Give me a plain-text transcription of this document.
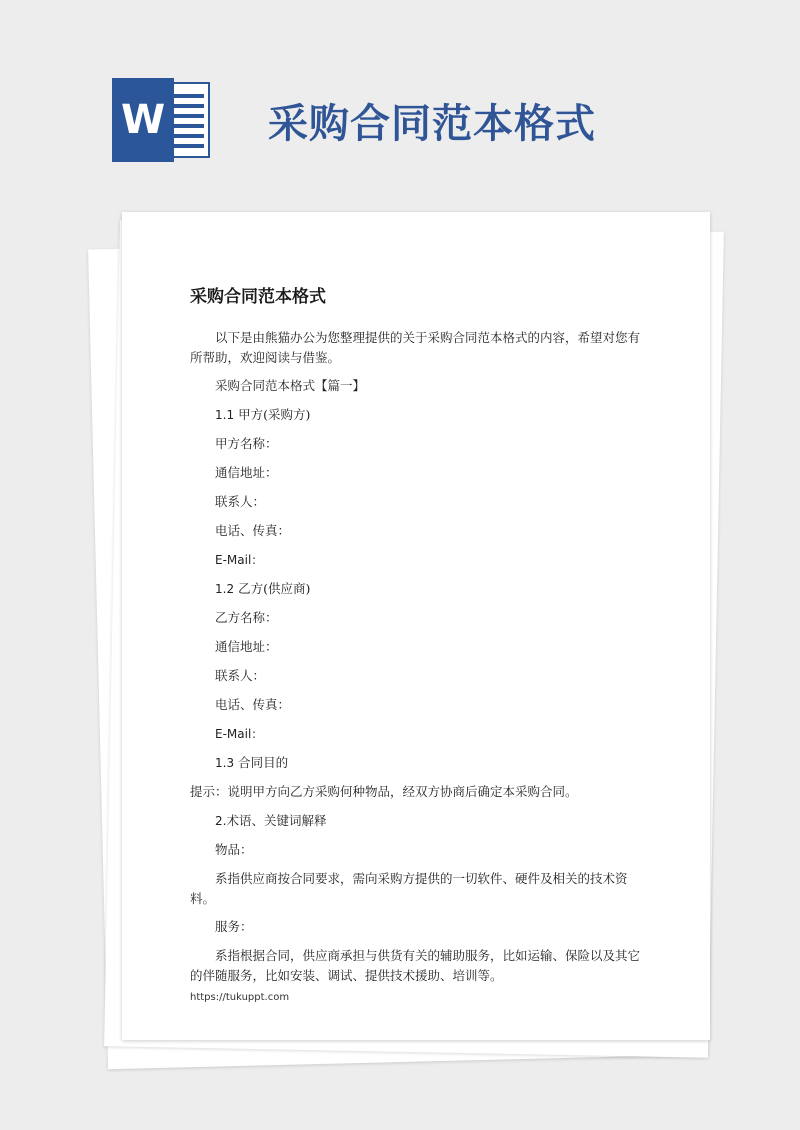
W	采购合同范本格式
采购合同范本格式

以下是由熊猫办公为您整理提供的关于采购合同范本格式的内容，希望对您有所帮助，欢迎阅读与借鉴。

采购合同范本格式【篇一】

1.1 甲方(采购方)

甲方名称：

通信地址：

联系人：

电话、传真：

E-Mail：

1.2 乙方(供应商)

乙方名称：

通信地址：

联系人：

电话、传真：

E-Mail：

1.3 合同目的

提示：说明甲方向乙方采购何种物品，经双方协商后确定本采购合同。

2.术语、关键词解释

物品：

系指供应商按合同要求，需向采购方提供的一切软件、硬件及相关的技术资料。

服务：

系指根据合同，供应商承担与供货有关的辅助服务，比如运输、保险以及其它的伴随服务，比如安装、调试、提供技术援助、培训等。

https://tukuppt.com
